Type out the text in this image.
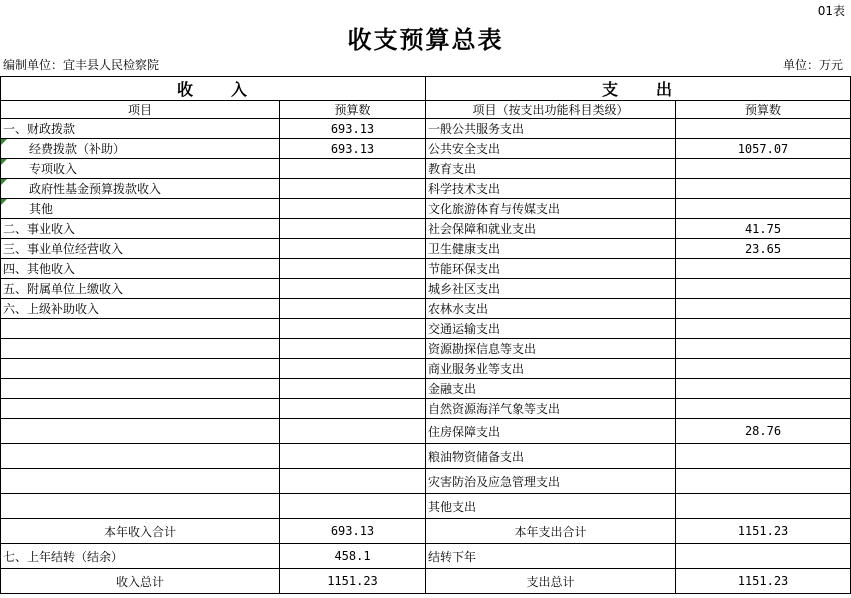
01表
收支预算总表
编制单位：宜丰县人民检察院	单位：万元
收　　入		支　　出	
项目	预算数	项目（按支出功能科目类级）	预算数
一、财政拨款	693.13	一般公共服务支出	
经费拨款（补助）	693.13	公共安全支出	1057.07
专项收入		教育支出	
政府性基金预算拨款收入		科学技术支出	
其他		文化旅游体育与传媒支出	
二、事业收入		社会保障和就业支出	41.75
三、事业单位经营收入		卫生健康支出	23.65
四、其他收入		节能环保支出	
五、附属单位上缴收入		城乡社区支出	
六、上级补助收入		农林水支出	
		交通运输支出	
		资源勘探信息等支出	
		商业服务业等支出	
		金融支出	
		自然资源海洋气象等支出	
		住房保障支出	28.76
		粮油物资储备支出	
		灾害防治及应急管理支出	
		其他支出	
本年收入合计	693.13	本年支出合计	1151.23
七、上年结转（结余）	458.1	结转下年	
收入总计	1151.23	支出总计	1151.23
